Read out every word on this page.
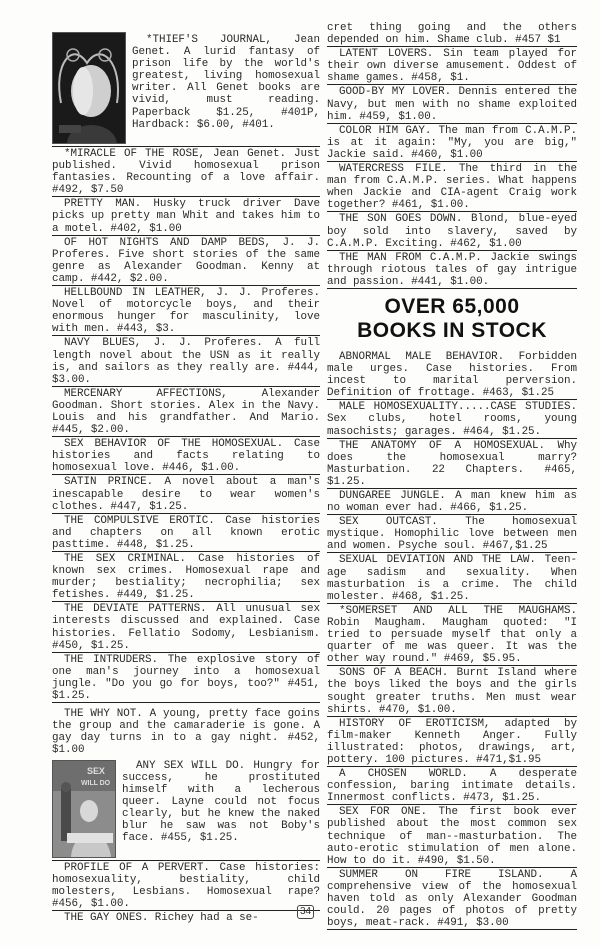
*THIEF'S JOURNAL, Jean Genet. A lurid fantasy of prison life by the world's greatest, living homosexual writer. All Genet books are vivid, must reading. Paperback $1.25, #401P, Hardback: $6.00, #401.
*MIRACLE OF THE ROSE, Jean Genet. Just published. Vivid homosexual prison fantasies. Recounting of a love affair. #492, $7.50
PRETTY MAN. Husky truck driver Dave picks up pretty man Whit and takes him to a motel. #402, $1.00
OF HOT NIGHTS AND DAMP BEDS, J. J. Proferes. Five short stories of the same genre as Alexander Goodman. Kenny at camp. #442, $2.00.
HELLBOUND IN LEATHER, J. J. Proferes. Novel of motorcycle boys, and their enormous hunger for masculinity, love with men. #443, $3.
NAVY BLUES, J. J. Proferes. A full length novel about the USN as it really is, and sailors as they really are. #444, $3.00.
MERCENARY AFFECTIONS, Alexander Goodman. Short stories. Alex in the Navy. Louis and his grandfather. And Mario. #445, $2.00.
SEX BEHAVIOR OF THE HOMOSEXUAL. Case histories and facts relating to homosexual love. #446, $1.00.
SATIN PRINCE. A novel about a man's inescapable desire to wear women's clothes. #447, $1.25.
THE COMPULSIVE EROTIC. Case histories and chapters on all known erotic pasttime. #448, $1.25.
THE SEX CRIMINAL. Case histories of known sex crimes. Homosexual rape and murder; bestiality; necrophilia; sex fetishes. #449, $1.25.
THE DEVIATE PATTERNS. All unusual sex interests discussed and explained. Case histories. Fellatio Sodomy, Lesbianism. #450, $1.25.
THE INTRUDERS. The explosive story of one man's journey into a homosexual jungle. "Do you go for boys, too?" #451, $1.25.
THE WHY NOT. A young, pretty face goins the group and the camaraderie is gone. A gay day turns in to a gay night. #452, $1.00
SEX
WILL DO
ANY SEX WILL DO. Hungry for success, he prostituted himself with a lecherous queer. Layne could not focus clearly, but he knew the naked blur he saw was not Boby's face. #455, $1.25.
PROFILE OF A PERVERT. Case histories: homosexuality, bestiality, child molesters, Lesbians. Homosexual rape? #456, $1.00.
THE GAY ONES. Richey had a se-
cret thing going and the others depended on him. Shame club. #457 $1
LATENT LOVERS. Sin team played for their own diverse amusement. Oddest of shame games. #458, $1.
GOOD-BY MY LOVER. Dennis entered the Navy, but men with no shame exploited him. #459, $1.00.
COLOR HIM GAY. The man from C.A.M.P. is at it again: "My, you are big," Jackie said. #460, $1.00
WATERCRESS FILE. The third in the man from C.A.M.P. series. What happens when Jackie and CIA-agent Craig work together? #461, $1.00.
THE SON GOES DOWN. Blond, blue-eyed boy sold into slavery, saved by C.A.M.P. Exciting. #462, $1.00
THE MAN FROM C.A.M.P. Jackie swings through riotous tales of gay intrigue and passion. #441, $1.00.
OVER 65,000
BOOKS IN STOCK
ABNORMAL MALE BEHAVIOR. Forbidden male urges. Case histories. From incest to marital perversion. Definition of frottage. #463, $1.25
MALE HOMOSEXUALITY.....CASE STUDIES. Sex clubs, hotel rooms, young masochists; garages. #464, $1.25.
THE ANATOMY OF A HOMOSEXUAL. Why does the homosexual marry? Masturbation. 22 Chapters. #465, $1.25.
DUNGAREE JUNGLE. A man knew him as no woman ever had. #466, $1.25.
SEX OUTCAST. The homosexual mystique. Homophilic love between men and women. Psyche soul. #467,$1.25
SEXUAL DEVIATION AND THE LAW. Teen-age sadism and sexuality. When masturbation is a crime. The child molester. #468, $1.25.
*SOMERSET AND ALL THE MAUGHAMS. Robin Maugham. Maugham quoted: "I tried to persuade myself that only a quarter of me was queer. It was the other way round." #469, $5.95.
SONS OF A BEACH. Burnt Island where the boys liked the boys and the girls sought greater truths. Men must wear shirts. #470, $1.00.
HISTORY OF EROTICISM, adapted by film-maker Kenneth Anger. Fully illustrated: photos, drawings, art, pottery. 100 pictures. #471,$1.95
A CHOSEN WORLD. A desperate confession, baring intimate details. Innermost conflicts. #473, $1.25.
SEX FOR ONE. The first book ever published about the most common sex technique of man--masturbation. The auto-erotic stimulation of men alone. How to do it. #490, $1.50.
SUMMER ON FIRE ISLAND. A comprehensive view of the homosexual haven told as only Alexander Goodman could. 20 pages of photos of pretty boys, meat-rack. #491, $3.00
34
